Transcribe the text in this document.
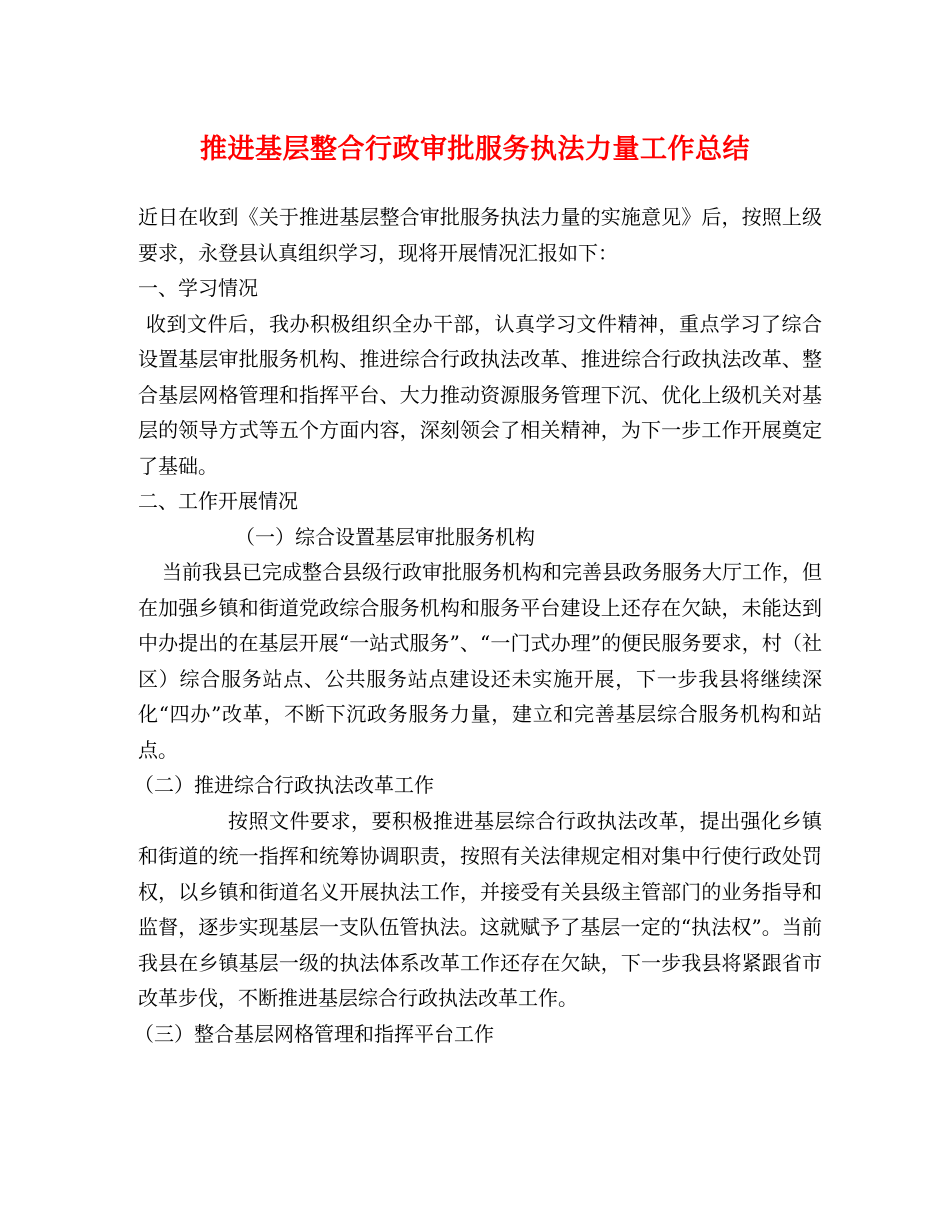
推进基层整合行政审批服务执法力量工作总结

近日在收到《关于推进基层整合审批服务执法力量的实施意见》后，按照上级要求，永登县认真组织学习，现将开展情况汇报如下：

一、学习情况

收到文件后，我办积极组织全办干部，认真学习文件精神，重点学习了综合设置基层审批服务机构、推进综合行政执法改革、推进综合行政执法改革、整合基层网格管理和指挥平台、大力推动资源服务管理下沉、优化上级机关对基层的领导方式等五个方面内容，深刻领会了相关精神，为下一步工作开展奠定了基础。

二、工作开展情况

（一）综合设置基层审批服务机构

当前我县已完成整合县级行政审批服务机构和完善县政务服务大厅工作，但在加强乡镇和街道党政综合服务机构和服务平台建设上还存在欠缺，未能达到中办提出的在基层开展“一站式服务”、“一门式办理”的便民服务要求，村（社区）综合服务站点、公共服务站点建设还未实施开展，下一步我县将继续深化“四办”改革，不断下沉政务服务力量，建立和完善基层综合服务机构和站点。

（二）推进综合行政执法改革工作

按照文件要求，要积极推进基层综合行政执法改革，提出强化乡镇和街道的统一指挥和统筹协调职责，按照有关法律规定相对集中行使行政处罚权，以乡镇和街道名义开展执法工作，并接受有关县级主管部门的业务指导和监督，逐步实现基层一支队伍管执法。这就赋予了基层一定的“执法权”。当前我县在乡镇基层一级的执法体系改革工作还存在欠缺，下一步我县将紧跟省市改革步伐，不断推进基层综合行政执法改革工作。

（三）整合基层网格管理和指挥平台工作
